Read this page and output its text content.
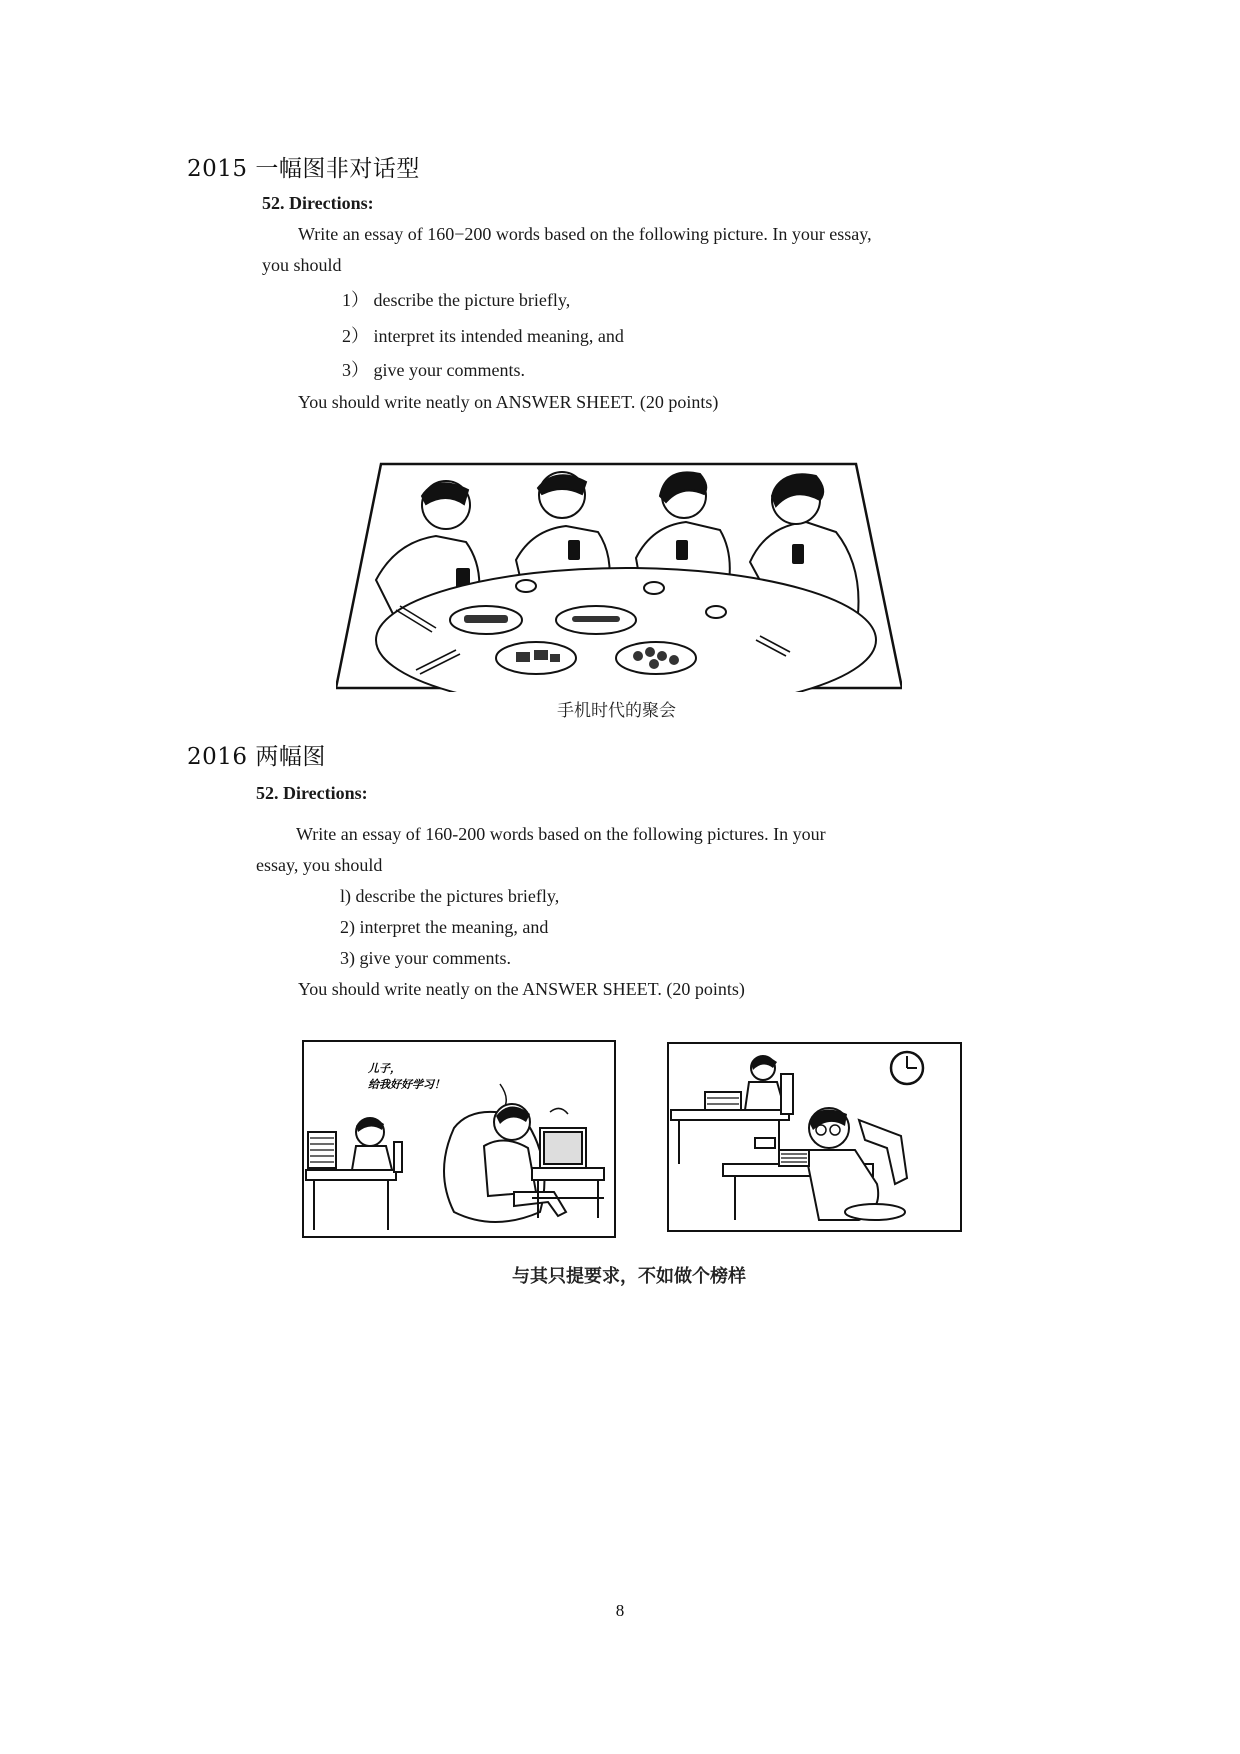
2015 一幅图非对话型

52. Directions:

Write an essay of 160−200 words based on the following picture. In your essay,

you should

1） describe the picture briefly,

2） interpret its intended meaning, and

3） give your comments.

You should write neatly on ANSWER SHEET. (20 points)

手机时代的聚会
2016 两幅图

52. Directions:

Write an essay of 160-200 words based on the following pictures. In your

essay, you should

l) describe the pictures briefly,

2) interpret the meaning, and

3) give your comments.

You should write neatly on the ANSWER SHEET. (20 points)

儿子，
给我好好学习！
与其只提要求，不如做个榜样
8
